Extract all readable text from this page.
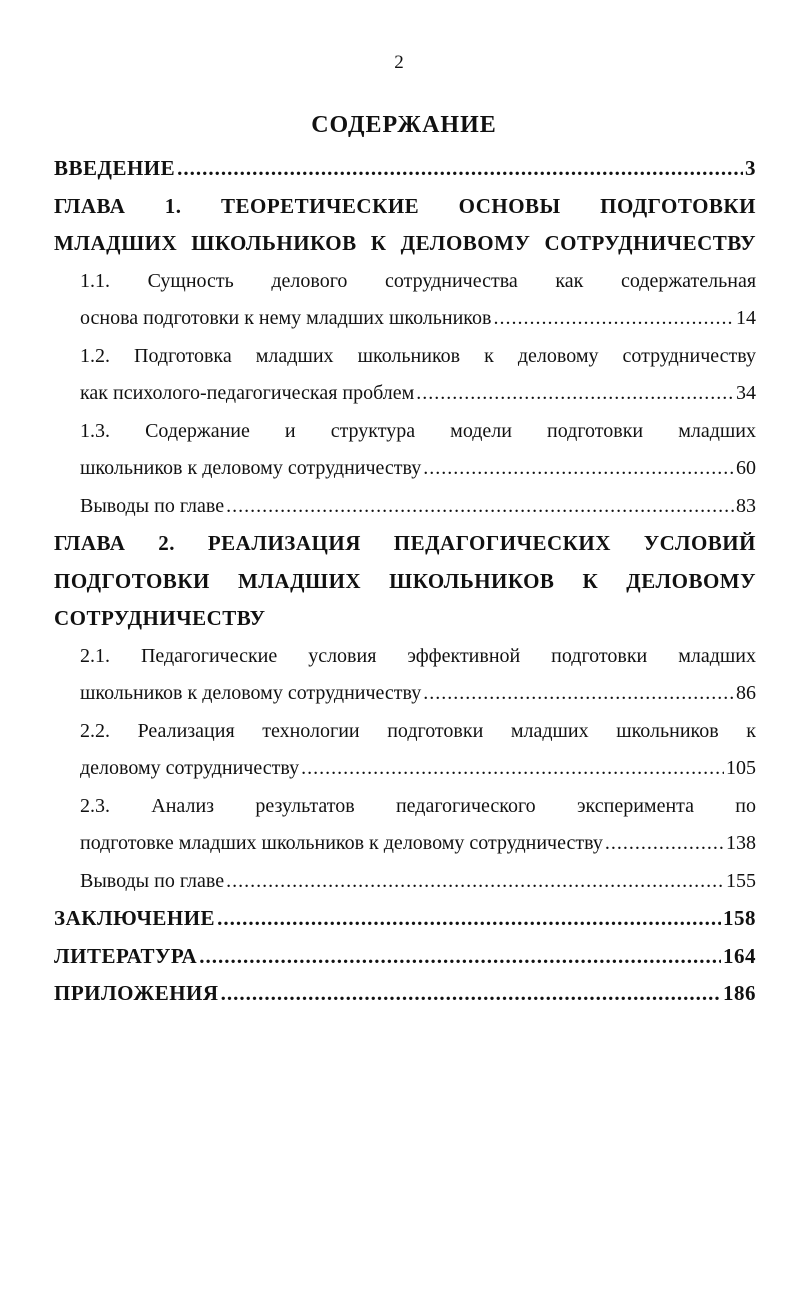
2
СОДЕРЖАНИЕ
ВВЕДЕНИЕ .....	3
ГЛАВА 1. ТЕОРЕТИЧЕСКИЕ ОСНОВЫ ПОДГОТОВКИ
МЛАДШИХ ШКОЛЬНИКОВ К ДЕЛОВОМУ СОТРУДНИЧЕСТВУ
1.1. Сущность делового сотрудничества как содержательная
основа подготовки к нему младших школьников .....	14
1.2. Подготовка младших школьников к деловому сотрудничеству
как психолого-педагогическая проблем .....	34
1.3. Содержание и структура модели подготовки младших
школьников к деловому сотрудничеству .....	60
Выводы по главе .....	83
ГЛАВА 2. РЕАЛИЗАЦИЯ ПЕДАГОГИЧЕСКИХ УСЛОВИЙ
ПОДГОТОВКИ МЛАДШИХ ШКОЛЬНИКОВ К ДЕЛОВОМУ
СОТРУДНИЧЕСТВУ
2.1. Педагогические условия эффективной подготовки младших
школьников к деловому сотрудничеству .....	86
2.2. Реализация технологии подготовки младших школьников к
деловому сотрудничеству .....	105
2.3. Анализ результатов педагогического эксперимента по
подготовке младших школьников к деловому сотрудничеству .....	138
Выводы по главе .....	155
ЗАКЛЮЧЕНИЕ .....	158
ЛИТЕРАТУРА .....	164
ПРИЛОЖЕНИЯ .....	186
